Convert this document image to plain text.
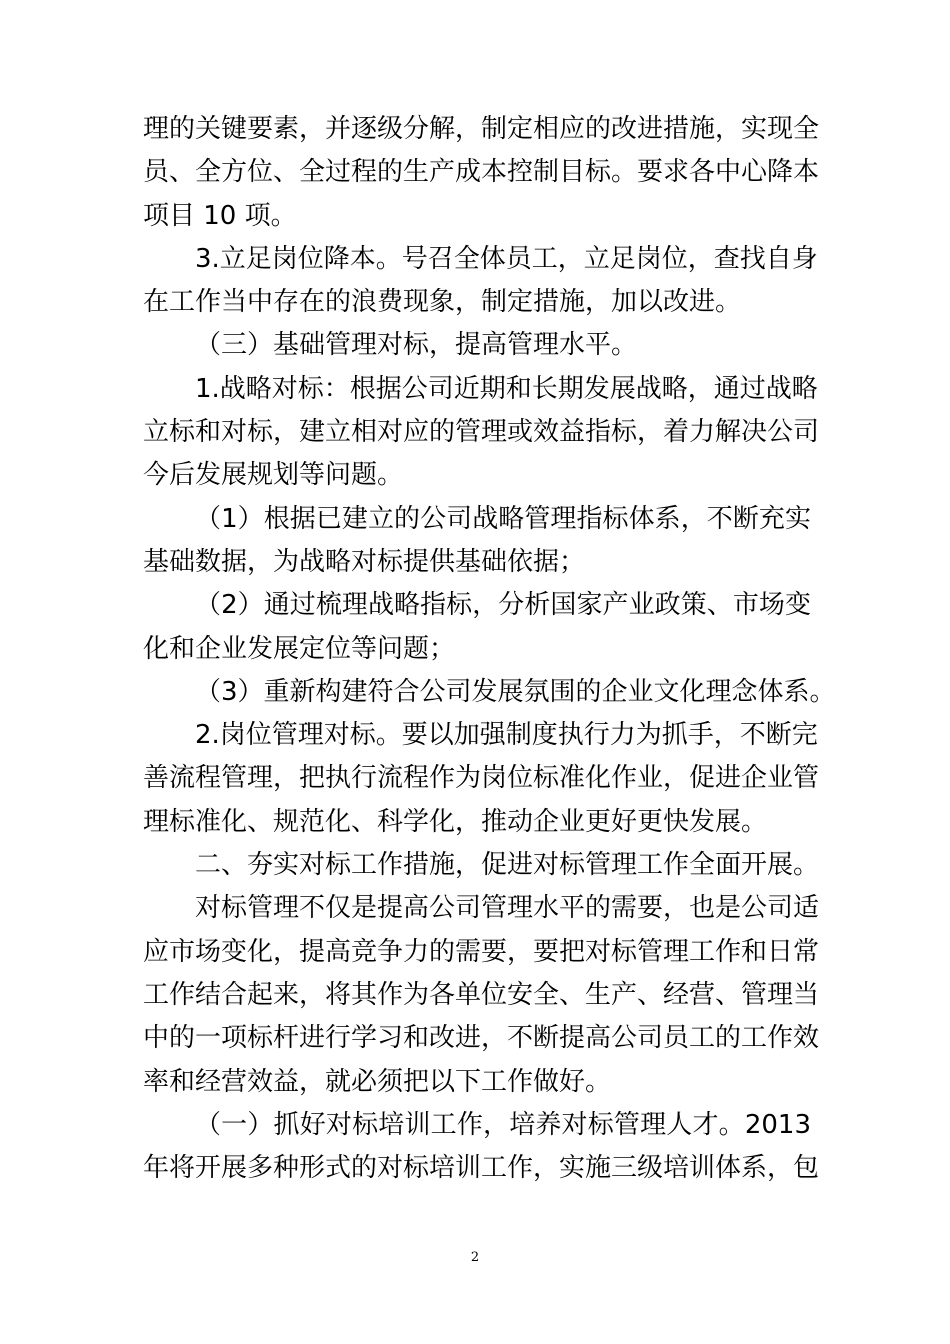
理的关键要素，并逐级分解，制定相应的改进措施，实现全
员、全方位、全过程的生产成本控制目标。要求各中心降本
项目 10 项。
3.立足岗位降本。号召全体员工，立足岗位，查找自身
在工作当中存在的浪费现象，制定措施，加以改进。
（三）基础管理对标，提高管理水平。
1.战略对标：根据公司近期和长期发展战略，通过战略
立标和对标，建立相对应的管理或效益指标，着力解决公司
今后发展规划等问题。
（1）根据已建立的公司战略管理指标体系，不断充实
基础数据，为战略对标提供基础依据；
（2）通过梳理战略指标，分析国家产业政策、市场变
化和企业发展定位等问题；
（3）重新构建符合公司发展氛围的企业文化理念体系。
2.岗位管理对标。要以加强制度执行力为抓手，不断完
善流程管理，把执行流程作为岗位标准化作业，促进企业管
理标准化、规范化、科学化，推动企业更好更快发展。
二、夯实对标工作措施，促进对标管理工作全面开展。
对标管理不仅是提高公司管理水平的需要，也是公司适
应市场变化，提高竞争力的需要，要把对标管理工作和日常
工作结合起来，将其作为各单位安全、生产、经营、管理当
中的一项标杆进行学习和改进，不断提高公司员工的工作效
率和经营效益，就必须把以下工作做好。
（一）抓好对标培训工作，培养对标管理人才。2013
年将开展多种形式的对标培训工作，实施三级培训体系，包
2
